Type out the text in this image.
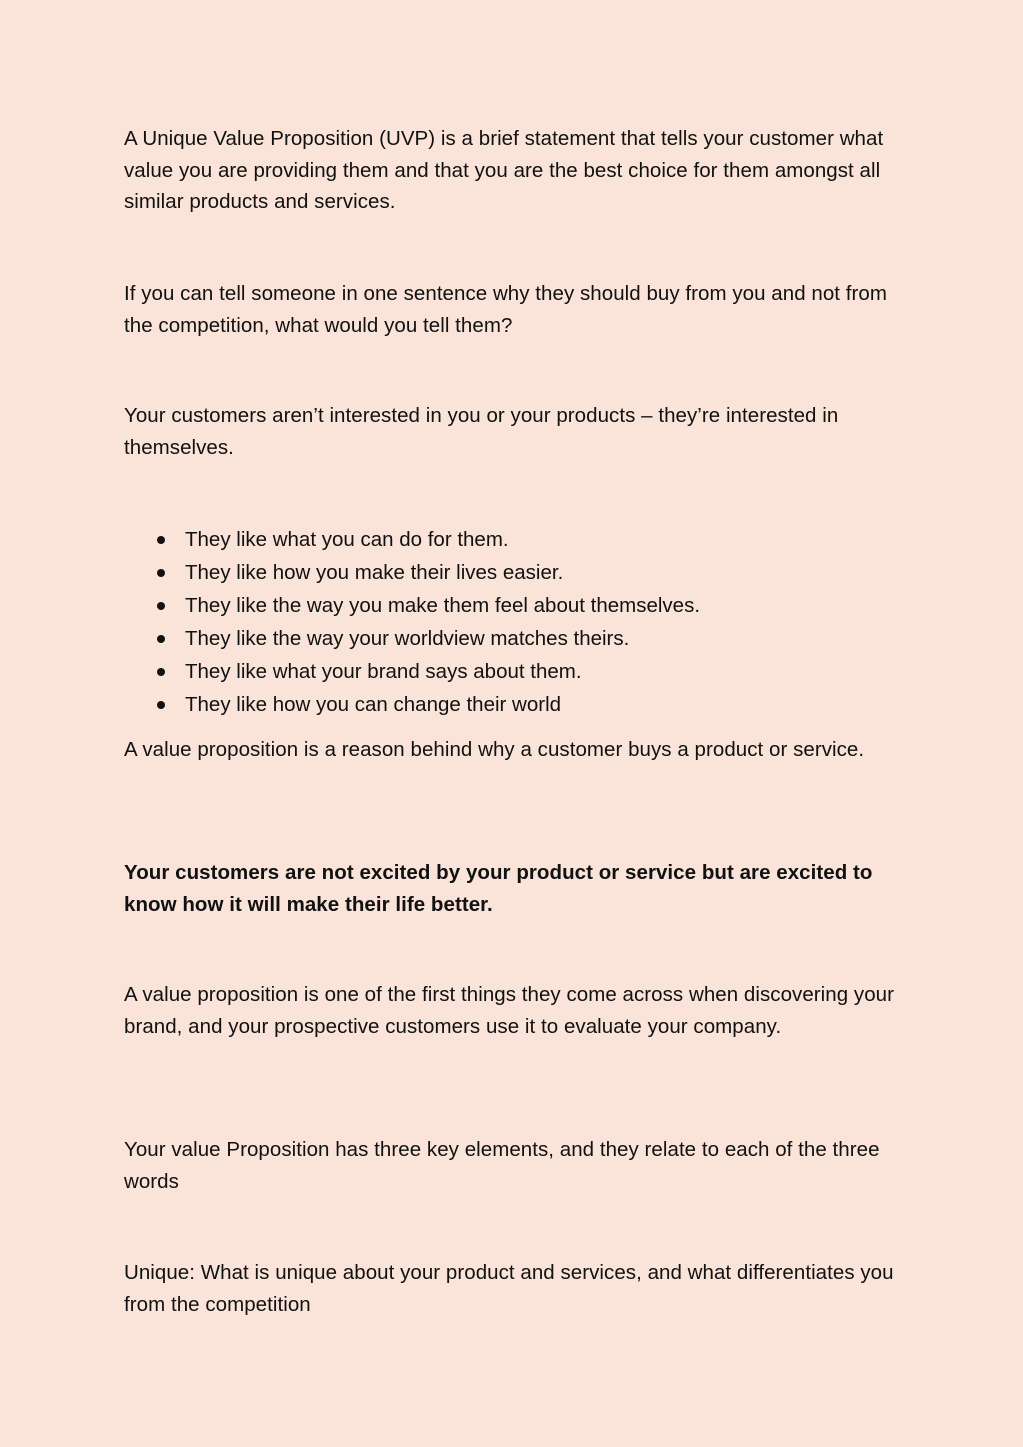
A Unique Value Proposition (UVP) is a brief statement that tells your customer what value you are providing them and that you are the best choice for them amongst all similar products and services.

If you can tell someone in one sentence why they should buy from you and not from the competition, what would you tell them?

Your customers aren’t interested in you or your products – they’re interested in themselves.

They like what you can do for them.
They like how you make their lives easier.
They like the way you make them feel about themselves.
They like the way your worldview matches theirs.
They like what your brand says about them.
They like how you can change their world

A value proposition is a reason behind why a customer buys a product or service.

Your customers are not excited by your product or service but are excited to know how it will make their life better.

A value proposition is one of the first things they come across when discovering your brand, and your prospective customers use it to evaluate your company.

Your value Proposition has three key elements, and they relate to each of the three words

Unique: What is unique about your product and services, and what differentiates you from the competition
